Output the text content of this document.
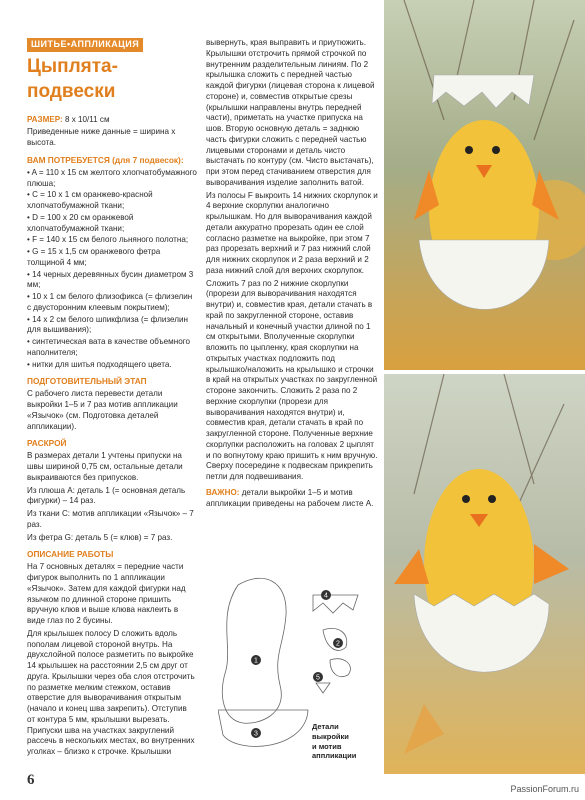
ШИТЬЕ•АППЛИКАЦИЯ
Цыплята-подвески

РАЗМЕР: 8 х 10/11 см

Приведенные ниже данные = ширина х высота.

ВАМ ПОТРЕБУЕТСЯ (для 7 подвесок):
• A = 110 х 15 см желтого хлопчатобумажного плюша;
• C = 10 х 1 см оранжево-красной хлопчатобумажной ткани;
• D = 100 х 20 см оранжевой хлопчатобумажной ткани;
• F = 140 х 15 см белого льняного полотна;
• G = 15 х 1,5 см оранжевого фетра толщиной 4 мм;
• 14 черных деревянных бусин диаметром 3 мм;
• 10 х 1 см белого флизофикса (= флизелин с двусторонним клеевым покрытием);
• 14 х 2 см белого шпикфлиза (= флизелин для вышивания);
• синтетическая вата в качестве объемного наполнителя;
• нитки для шитья подходящего цвета.
ПОДГОТОВИТЕЛЬНЫЙ ЭТАП

С рабочего листа перевести детали выкройки 1–5 и 7 раз мотив аппликации «Язычок» (см. Подготовка деталей аппликации).

РАСКРОЙ

В размерах детали 1 учтены припуски на швы шириной 0,75 см, остальные детали выкраиваются без припусков.

Из плюша A: деталь 1 (= основная деталь фигурки) – 14 раз.

Из ткани C: мотив аппликации «Язычок» – 7 раз.

Из фетра G: деталь 5 (= клюв) = 7 раз.

ОПИСАНИЕ РАБОТЫ

На 7 основных деталях = передние части фигурок выполнить по 1 аппликации «Язычок». Затем для каждой фигурки над язычком по длинной стороне пришить вручную клюв и выше клюва наклеить в виде глаз по 2 бусины.

Для крылышек полосу D сложить вдоль пополам лицевой стороной внутрь. На двухслойной полосе разметить по выкройке 14 крылышек на расстоянии 2,5 см друг от друга. Крылышки через оба слоя отстрочить по разметке мелким стежком, оставив отверстие для выворачивания открытым (начало и конец шва закрепить). Отступив от контура 5 мм, крылышки вырезать. Припуски шва на участках закруглений рассечь в нескольких местах, во внутренних уголках – близко к строчке. Крылышки

вывернуть, края выправить и приутюжить. Крылышки отстрочить прямой строчкой по внутренним разделительным линиям. По 2 крылышка сложить с передней частью каждой фигурки (лицевая сторона к лицевой стороне) и, совместив открытые срезы (крылышки направлены внутрь передней части), приметать на участке припуска на шов. Вторую основную деталь = заднюю часть фигурки сложить с передней частью лицевыми сторонами и деталь чисто выстачать по контуру (см. Чисто выстачать), при этом перед стачиванием отверстия для выворачивания изделие заполнить ватой.

Из полосы F выкроить 14 нижних скорлупок и 4 верхние скорлупки аналогично крылышкам. Но для выворачивания каждой детали аккуратно прорезать один ее слой согласно разметке на выкройке, при этом 7 раз прорезать верхний и 7 раз нижний слой для нижних скорлупок и 2 раза верхний и 2 раза нижний слой для верхних скорлупок.

Сложить 7 раз по 2 нижние скорлупки (прорези для выворачивания находятся внутри) и, совместив края, детали стачать в край по закругленной стороне, оставив начальный и конечный участки длиной по 1 см открытыми. Вполученные скорлупки вложить по цыпленку, края скорлупки на открытых участках подложить под крылышко/наложить на крылышко и строчки в край на открытых участках по закругленной стороне закончить. Сложить 2 раза по 2 верхние скорлупки (прорези для выворачивания находятся внутри) и, совместив края, детали стачать в край по закругленной стороне. Полученные верхние скорлупки расположить на головах 2 цыплят и по вопнутому краю пришить к ним вручную. Сверху посередине к подвескам прикрепить петли для подвешивания.

ВАЖНО: детали выкройки 1–5 и мотив аппликации приведены на рабочем листе А.

1
2
3
4
5
Детали
выкройки
и мотив
аппликации
6
PassionForum.ru
